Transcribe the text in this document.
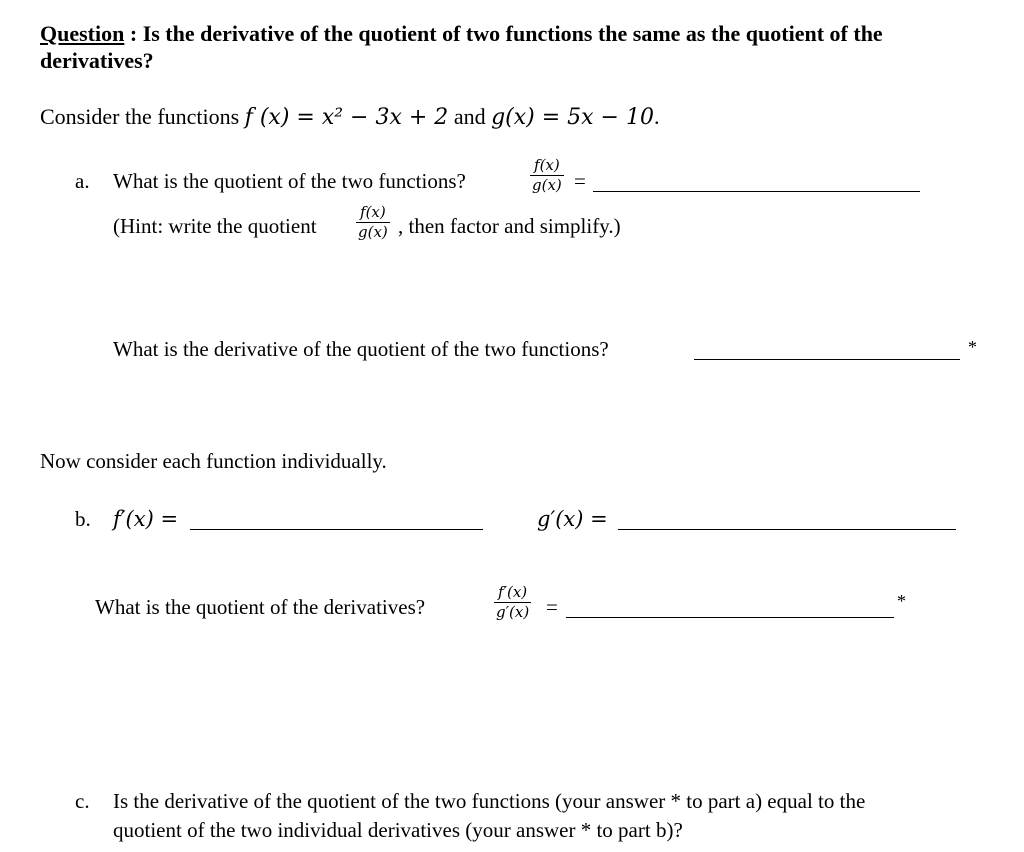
Question : Is the derivative of the quotient of two functions the same as the quotient of the
derivatives?
Consider the functions f (x) = x² − 3x + 2 and g(x) = 5x − 10.
a. What is the quotient of the two functions?	$\frac{f(x)}{g(x)}$ =
(Hint: write the quotient	$\frac{f(x)}{g(x)}$ , then factor and simplify.)
What is the derivative of the quotient of the two functions?	*
Now consider each function individually.
b. f′(x) =	g′(x) =
What is the quotient of the derivatives?	$\frac{f'(x)}{g'(x)}$ =	*
c. Is the derivative of the quotient of the two functions (your answer * to part a) equal to the
quotient of the two individual derivatives (your answer * to part b)?
